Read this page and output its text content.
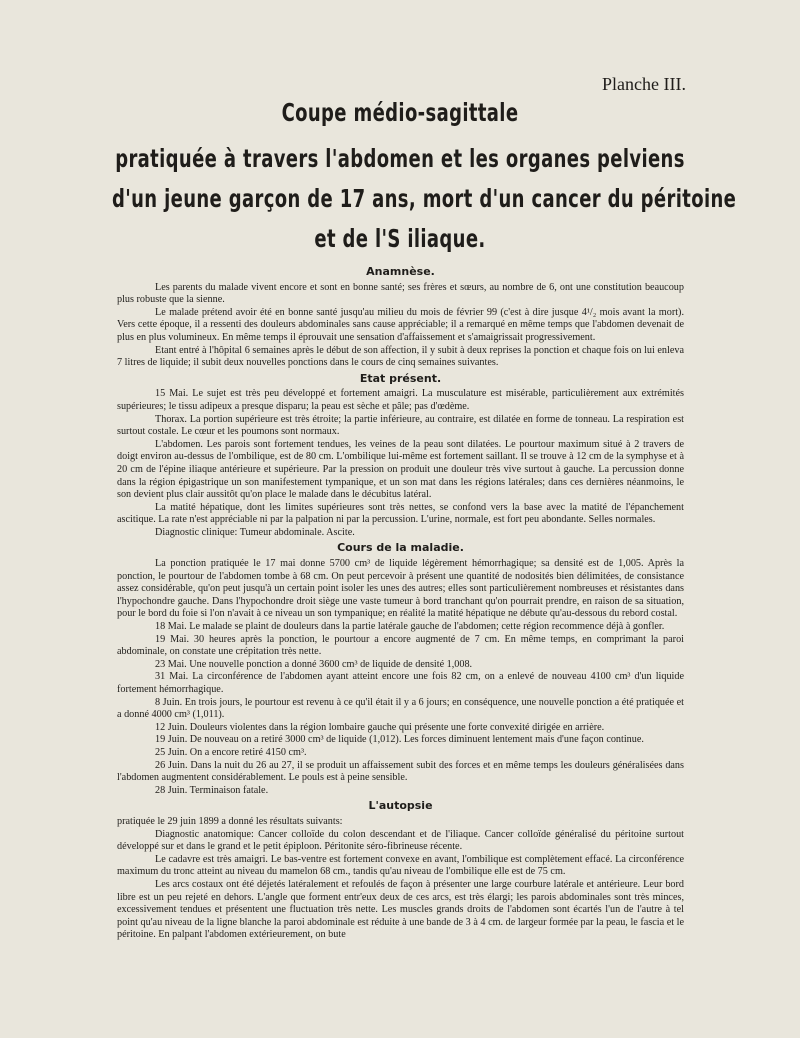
Planche III.
Coupe médio-sagittale
pratiquée à travers l'abdomen et les organes pelviens
d'un jeune garçon de 17 ans, mort d'un cancer du péritoine
et de l'S iliaque.
Anamnèse.

Les parents du malade vivent encore et sont en bonne santé; ses frères et sœurs, au nombre de 6, ont une constitution beaucoup plus robuste que la sienne.

Le malade prétend avoir été en bonne santé jusqu'au milieu du mois de février 99 (c'est à dire jusque 4¹/₂ mois avant la mort). Vers cette époque, il a ressenti des douleurs abdominales sans cause appréciable; il a remarqué en même temps que l'abdomen devenait de plus en plus volumineux. En même temps il éprouvait une sensation d'affaissement et s'amaigrissait progressivement.

Etant entré à l'hôpital 6 semaines après le début de son affection, il y subit à deux reprises la ponction et chaque fois on lui enleva 7 litres de liquide; il subit deux nouvelles ponctions dans le cours de cinq semaines suivantes.

Etat présent.

15 Mai. Le sujet est très peu développé et fortement amaigri. La musculature est misérable, particulièrement aux extrémités supérieures; le tissu adipeux a presque disparu; la peau est sèche et pâle; pas d'œdème.

Thorax. La portion supérieure est très étroite; la partie inférieure, au contraire, est dilatée en forme de tonneau. La respiration est surtout costale. Le cœur et les poumons sont normaux.

L'abdomen. Les parois sont fortement tendues, les veines de la peau sont dilatées. Le pourtour maximum situé à 2 travers de doigt environ au-dessus de l'ombilique, est de 80 cm. L'ombilique lui-même est fortement saillant. Il se trouve à 12 cm de la symphyse et à 20 cm de l'épine iliaque antérieure et supérieure. Par la pression on produit une douleur très vive surtout à gauche. La percussion donne dans la région épigastrique un son manifestement tympanique, et un son mat dans les régions latérales; dans ces dernières néanmoins, le son devient plus clair aussitôt qu'on place le malade dans le décubitus latéral.

La matité hépatique, dont les limites supérieures sont très nettes, se confond vers la base avec la matité de l'épanchement ascitique. La rate n'est appréciable ni par la palpation ni par la percussion. L'urine, normale, est fort peu abondante. Selles normales.

Diagnostic clinique: Tumeur abdominale. Ascite.

Cours de la maladie.

La ponction pratiquée le 17 mai donne 5700 cm³ de liquide légèrement hémorrhagique; sa densité est de 1,005. Après la ponction, le pourtour de l'abdomen tombe à 68 cm. On peut percevoir à présent une quantité de nodosités bien délimitées, de consistance assez considérable, qu'on peut jusqu'à un certain point isoler les unes des autres; elles sont particulièrement nombreuses et résistantes dans l'hypochondre gauche. Dans l'hypochondre droit siège une vaste tumeur à bord tranchant qu'on pourrait prendre, en raison de sa situation, pour le bord du foie si l'on n'avait à ce niveau un son tympanique; en réalité la matité hépatique ne débute qu'au-dessous du rebord costal.

18 Mai. Le malade se plaint de douleurs dans la partie latérale gauche de l'abdomen; cette région recommence déjà à gonfler.

19 Mai. 30 heures après la ponction, le pourtour a encore augmenté de 7 cm. En même temps, en comprimant la paroi abdominale, on constate une crépitation très nette.

23 Mai. Une nouvelle ponction a donné 3600 cm³ de liquide de densité 1,008.

31 Mai. La circonférence de l'abdomen ayant atteint encore une fois 82 cm, on a enlevé de nouveau 4100 cm³ d'un liquide fortement hémorrhagique.

8 Juin. En trois jours, le pourtour est revenu à ce qu'il était il y a 6 jours; en conséquence, une nouvelle ponction a été pratiquée et a donné 4000 cm³ (1,011).

12 Juin. Douleurs violentes dans la région lombaire gauche qui présente une forte convexité dirigée en arrière.

19 Juin. De nouveau on a retiré 3000 cm³ de liquide (1,012). Les forces diminuent lentement mais d'une façon continue.

25 Juin. On a encore retiré 4150 cm³.

26 Juin. Dans la nuit du 26 au 27, il se produit un affaissement subit des forces et en même temps les douleurs généralisées dans l'abdomen augmentent considérablement. Le pouls est à peine sensible.

28 Juin. Terminaison fatale.

L'autopsie

pratiquée le 29 juin 1899 a donné les résultats suivants:

Diagnostic anatomique: Cancer colloïde du colon descendant et de l'iliaque. Cancer colloïde généralisé du péritoine surtout développé sur et dans le grand et le petit épiploon. Péritonite séro-fibrineuse récente.

Le cadavre est très amaigri. Le bas-ventre est fortement convexe en avant, l'ombilique est complètement effacé. La circonférence maximum du tronc atteint au niveau du mamelon 68 cm., tandis qu'au niveau de l'ombilique elle est de 75 cm.

Les arcs costaux ont été déjetés latéralement et refoulés de façon à présenter une large courbure latérale et antérieure. Leur bord libre est un peu rejeté en dehors. L'angle que forment entr'eux deux de ces arcs, est très élargi; les parois abdominales sont très minces, excessivement tendues et présentent une fluctuation très nette. Les muscles grands droits de l'abdomen sont écartés l'un de l'autre à tel point qu'au niveau de la ligne blanche la paroi abdominale est réduite à une bande de 3 à 4 cm. de largeur formée par la peau, le fascia et le péritoine. En palpant l'abdomen extérieurement, on bute
